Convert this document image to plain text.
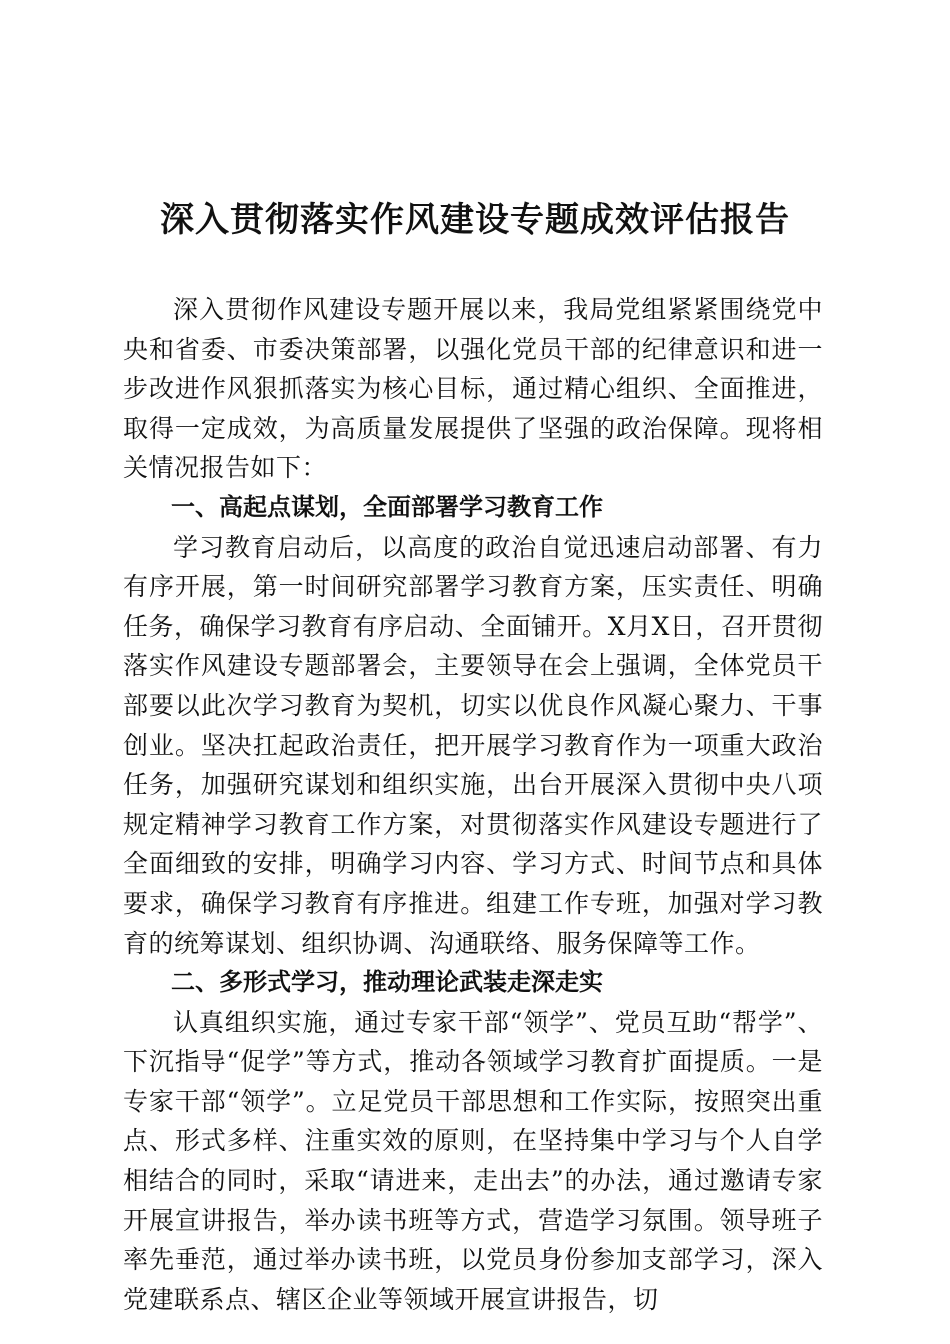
深入贯彻落实作风建设专题成效评估报告

深入贯彻作风建设专题开展以来，我局党组紧紧围绕党中央和省委、市委决策部署，以强化党员干部的纪律意识和进一步改进作风狠抓落实为核心目标，通过精心组织、全面推进，取得一定成效，为高质量发展提供了坚强的政治保障。现将相关情况报告如下：

一、高起点谋划，全面部署学习教育工作

学习教育启动后，以高度的政治自觉迅速启动部署、有力有序开展，第一时间研究部署学习教育方案，压实责任、明确任务，确保学习教育有序启动、全面铺开。X月X日，召开贯彻落实作风建设专题部署会，主要领导在会上强调，全体党员干部要以此次学习教育为契机，切实以优良作风凝心聚力、干事创业。坚决扛起政治责任，把开展学习教育作为一项重大政治任务，加强研究谋划和组织实施，出台开展深入贯彻中央八项规定精神学习教育工作方案，对贯彻落实作风建设专题进行了全面细致的安排，明确学习内容、学习方式、时间节点和具体要求，确保学习教育有序推进。组建工作专班，加强对学习教育的统筹谋划、组织协调、沟通联络、服务保障等工作。

二、多形式学习，推动理论武装走深走实

认真组织实施，通过专家干部“领学”、党员互助“帮学”、下沉指导“促学”等方式，推动各领域学习教育扩面提质。一是专家干部“领学”。立足党员干部思想和工作实际，按照突出重点、形式多样、注重实效的原则，在坚持集中学习与个人自学相结合的同时，采取“请进来，走出去”的办法，通过邀请专家开展宣讲报告，举办读书班等方式，营造学习氛围。领导班子率先垂范，通过举办读书班，以党员身份参加支部学习，深入党建联系点、辖区企业等领域开展宣讲报告，切
